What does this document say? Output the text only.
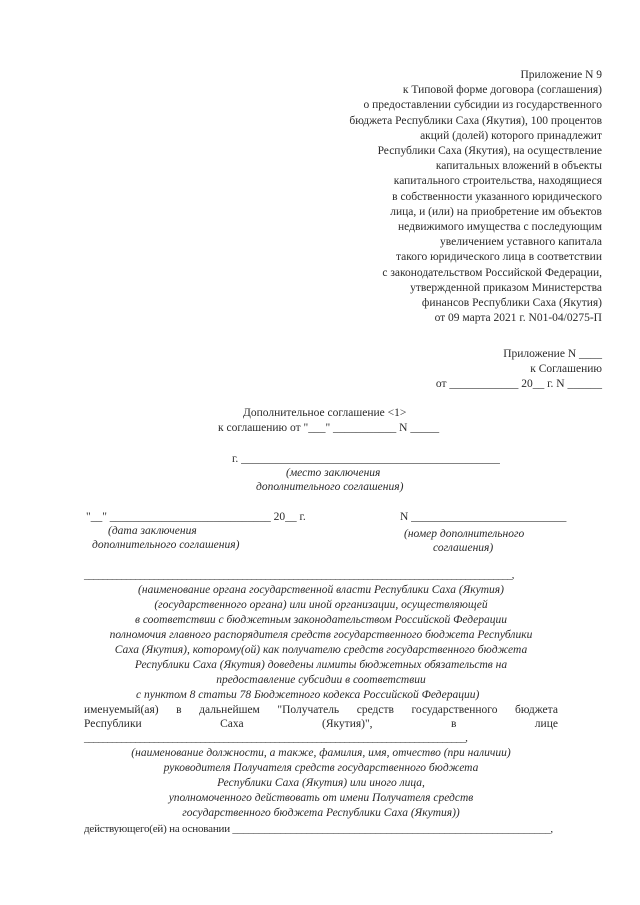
Приложение N 9
к Типовой форме договора (соглашения)
о предоставлении субсидии из государственного
бюджета Республики Саха (Якутия), 100 процентов
акций (долей) которого принадлежит
Республики Саха (Якутия), на осуществление
капитальных вложений в объекты
капитального строительства, находящиеся
в собственности указанного юридического
лица, и (или) на приобретение им объектов
недвижимого имущества с последующим
увеличением уставного капитала
такого юридического лица в соответствии
с законодательством Российской Федерации,
утвержденной приказом Министерства
финансов Республики Саха (Якутия)
от 09 марта 2021 г. N01-04/0275-П
Приложение N ____
к Соглашению
от ____________ 20__ г. N ______
Дополнительное соглашение <1>
к соглашению от "___" ___________ N _____
г. _____________________________________________
(место заключения
дополнительного соглашения)
"__" ____________________________ 20__ г.
(дата заключения
дополнительного соглашения)
N ___________________________
(номер дополнительного
соглашения)
____________________________________________________________________________________________,
(наименование органа государственной власти Республики Саха (Якутия)
(государственного органа) или иной организации, осуществляющей
в соответствии с бюджетным законодательством Российской Федерации
полномочия главного распорядителя средств государственного бюджета Республики
Саха (Якутия), которому(ой) как получателю средств государственного бюджета
Республики Саха (Якутия) доведены лимиты бюджетных обязательств на
предоставление субсидии в соответствии
с пунктом 8 статьи 78 Бюджетного кодекса Российской Федерации)
именуемый(ая) в дальнейшем "Получатель средств государственного бюджета
Республики	Саха	(Якутия)",	в	лице
__________________________________________________________________________________,
(наименование должности, а также, фамилия, имя, отчество (при наличии)
руководителя Получателя средств государственного бюджета
Республики Саха (Якутия) или иного лица,
уполномоченного действовать от имени Получателя средств
государственного бюджета Республики Саха (Якутия))
действующего(ей) на основании ____________________________________________________________,
